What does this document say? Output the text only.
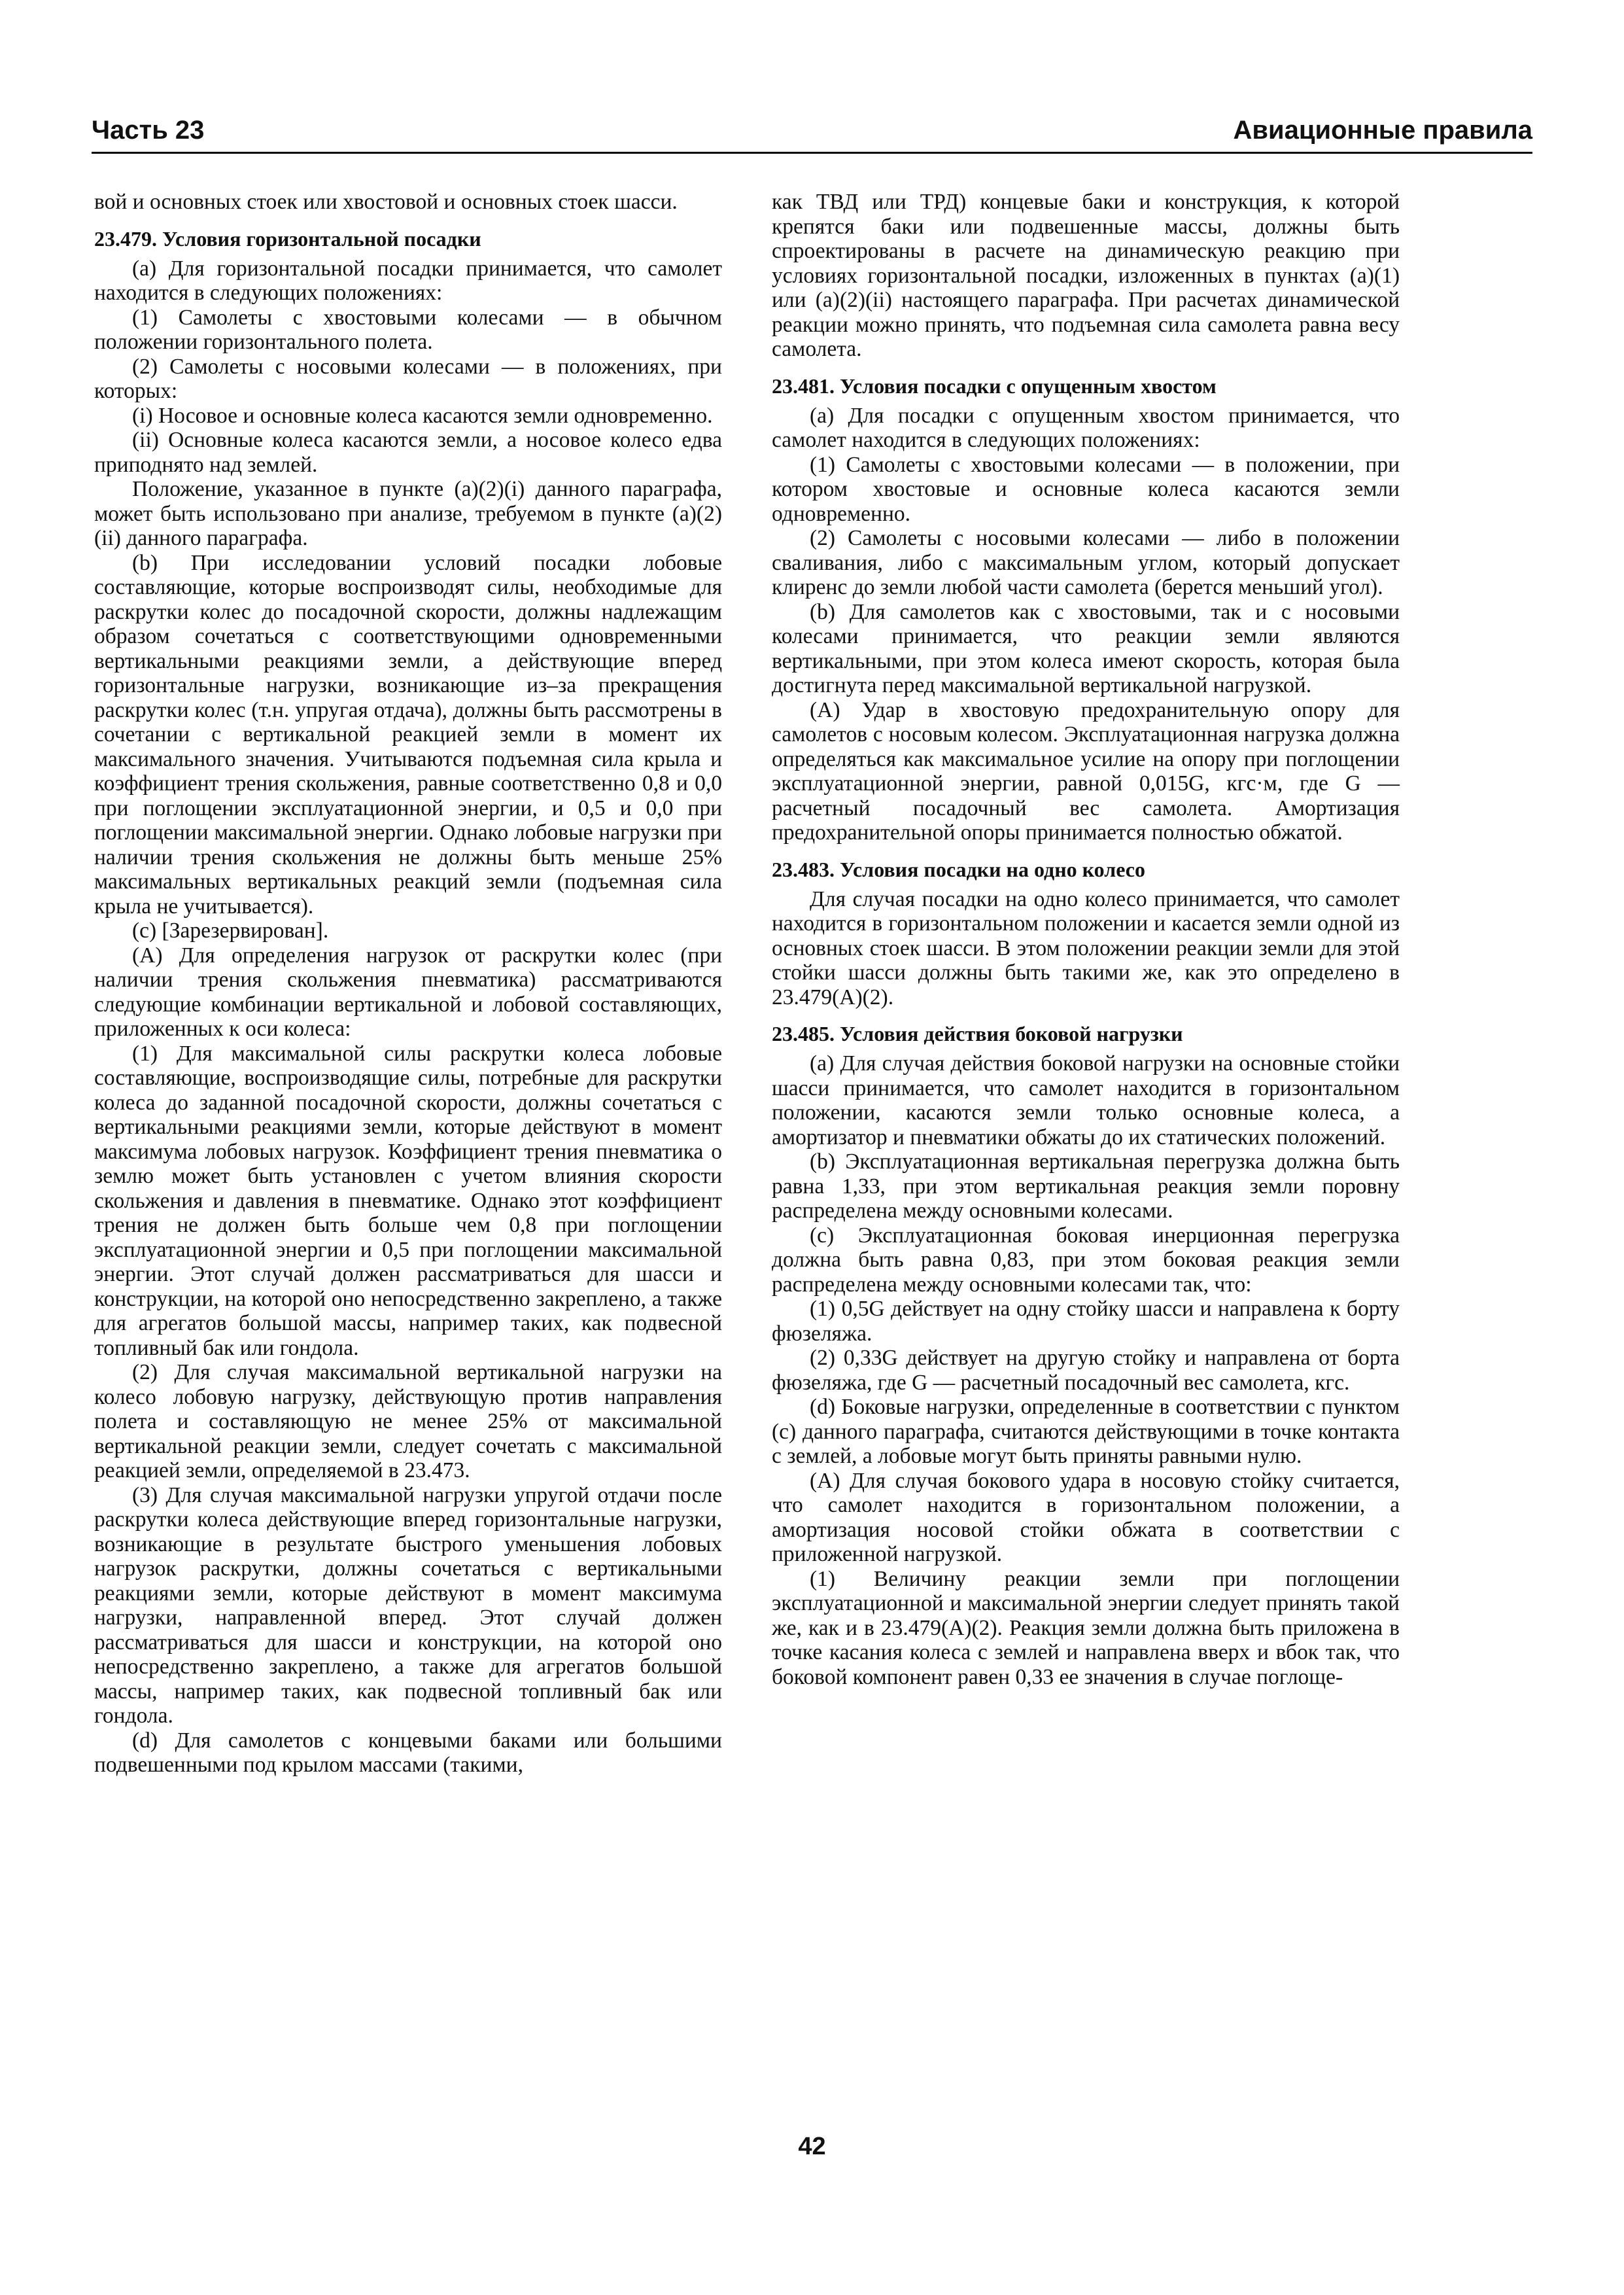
Часть 23	Авиационные правила

вой и основных стоек или хвостовой и основных стоек шасси.

23.479. Условия горизонтальной посадки

(a) Для горизонтальной посадки принимается, что самолет находится в следующих положениях:

(1) Самолеты с хвостовыми колесами — в обычном положении горизонтального полета.

(2) Самолеты с носовыми колесами — в положениях, при которых:

(i) Носовое и основные колеса касаются земли одновременно.

(ii) Основные колеса касаются земли, а носовое колесо едва приподнято над землей.

Положение, указанное в пункте (a)(2)(i) данного параграфа, может быть использовано при анализе, требуемом в пункте (a)(2)(ii) данного параграфа.

(b) При исследовании условий посадки лобовые составляющие, которые воспроизводят силы, необходимые для раскрутки колес до посадочной скорости, должны надлежащим образом сочетаться с соответствующими одновременными вертикальными реакциями земли, а действующие вперед горизонтальные нагрузки, возникающие из–за прекращения раскрутки колес (т.н. упругая отдача), должны быть рассмотрены в сочетании с вертикальной реакцией земли в момент их максимального значения. Учитываются подъемная сила крыла и коэффициент трения скольжения, равные соответственно 0,8 и 0,0 при поглощении эксплуатационной энергии, и 0,5 и 0,0 при поглощении максимальной энергии. Однако лобовые нагрузки при наличии трения скольжения не должны быть меньше 25% максимальных вертикальных реакций земли (подъемная сила крыла не учитывается).

(c) [Зарезервирован].

(A) Для определения нагрузок от раскрутки колес (при наличии трения скольжения пневматика) рассматриваются следующие комбинации вертикальной и лобовой составляющих, приложенных к оси колеса:

(1) Для максимальной силы раскрутки колеса лобовые составляющие, воспроизводящие силы, потребные для раскрутки колеса до заданной посадочной скорости, должны сочетаться с вертикальными реакциями земли, которые действуют в момент максимума лобовых нагрузок. Коэффициент трения пневматика о землю может быть установлен с учетом влияния скорости скольжения и давления в пневматике. Однако этот коэффициент трения не должен быть больше чем 0,8 при поглощении эксплуатационной энергии и 0,5 при поглощении максимальной энергии. Этот случай должен рассматриваться для шасси и конструкции, на которой оно непосредственно закреплено, а также для агрегатов большой массы, например таких, как подвесной топливный бак или гондола.

(2) Для случая максимальной вертикальной нагрузки на колесо лобовую нагрузку, действующую против направления полета и составляющую не менее 25% от максимальной вертикальной реакции земли, следует сочетать с максимальной реакцией земли, определяемой в 23.473.

(3) Для случая максимальной нагрузки упругой отдачи после раскрутки колеса действующие вперед горизонтальные нагрузки, возникающие в результате быстрого уменьшения лобовых нагрузок раскрутки, должны сочетаться с вертикальными реакциями земли, которые действуют в момент максимума нагрузки, направленной вперед. Этот случай должен рассматриваться для шасси и конструкции, на которой оно непосредственно закреплено, а также для агрегатов большой массы, например таких, как подвесной топливный бак или гондола.

(d) Для самолетов с концевыми баками или большими подвешенными под крылом массами (такими,

как ТВД или ТРД) концевые баки и конструкция, к которой крепятся баки или подвешенные массы, должны быть спроектированы в расчете на динамическую реакцию при условиях горизонтальной посадки, изложенных в пунктах (a)(1) или (a)(2)(ii) настоящего параграфа. При расчетах динамической реакции можно принять, что подъемная сила самолета равна весу самолета.

23.481. Условия посадки с опущенным хвостом

(a) Для посадки с опущенным хвостом принимается, что самолет находится в следующих положениях:

(1) Самолеты с хвостовыми колесами — в положении, при котором хвостовые и основные колеса касаются земли одновременно.

(2) Самолеты с носовыми колесами — либо в положении сваливания, либо с максимальным углом, который допускает клиренс до земли любой части самолета (берется меньший угол).

(b) Для самолетов как с хвостовыми, так и с носовыми колесами принимается, что реакции земли являются вертикальными, при этом колеса имеют скорость, которая была достигнута перед максимальной вертикальной нагрузкой.

(A) Удар в хвостовую предохранительную опору для самолетов с носовым колесом. Эксплуатационная нагрузка должна определяться как максимальное усилие на опору при поглощении эксплуатационной энергии, равной 0,015G, кгс·м, где G — расчетный посадочный вес самолета. Амортизация предохранительной опоры принимается полностью обжатой.

23.483. Условия посадки на одно колесо

Для случая посадки на одно колесо принимается, что самолет находится в горизонтальном положении и касается земли одной из основных стоек шасси. В этом положении реакции земли для этой стойки шасси должны быть такими же, как это определено в 23.479(A)(2).

23.485. Условия действия боковой нагрузки

(a) Для случая действия боковой нагрузки на основные стойки шасси принимается, что самолет находится в горизонтальном положении, касаются земли только основные колеса, а амортизатор и пневматики обжаты до их статических положений.

(b) Эксплуатационная вертикальная перегрузка должна быть равна 1,33, при этом вертикальная реакция земли поровну распределена между основными колесами.

(c) Эксплуатационная боковая инерционная перегрузка должна быть равна 0,83, при этом боковая реакция земли распределена между основными колесами так, что:

(1) 0,5G действует на одну стойку шасси и направлена к борту фюзеляжа.

(2) 0,33G действует на другую стойку и направлена от борта фюзеляжа, где G — расчетный посадочный вес самолета, кгс.

(d) Боковые нагрузки, определенные в соответствии с пунктом (c) данного параграфа, считаются действующими в точке контакта с землей, а лобовые могут быть приняты равными нулю.

(A) Для случая бокового удара в носовую стойку считается, что самолет находится в горизонтальном положении, а амортизация носовой стойки обжата в соответствии с приложенной нагрузкой.

(1) Величину реакции земли при поглощении эксплуатационной и максимальной энергии следует принять такой же, как и в 23.479(A)(2). Реакция земли должна быть приложена в точке касания колеса с землей и направлена вверх и вбок так, что боковой компонент равен 0,33 ее значения в случае поглоще-

42
